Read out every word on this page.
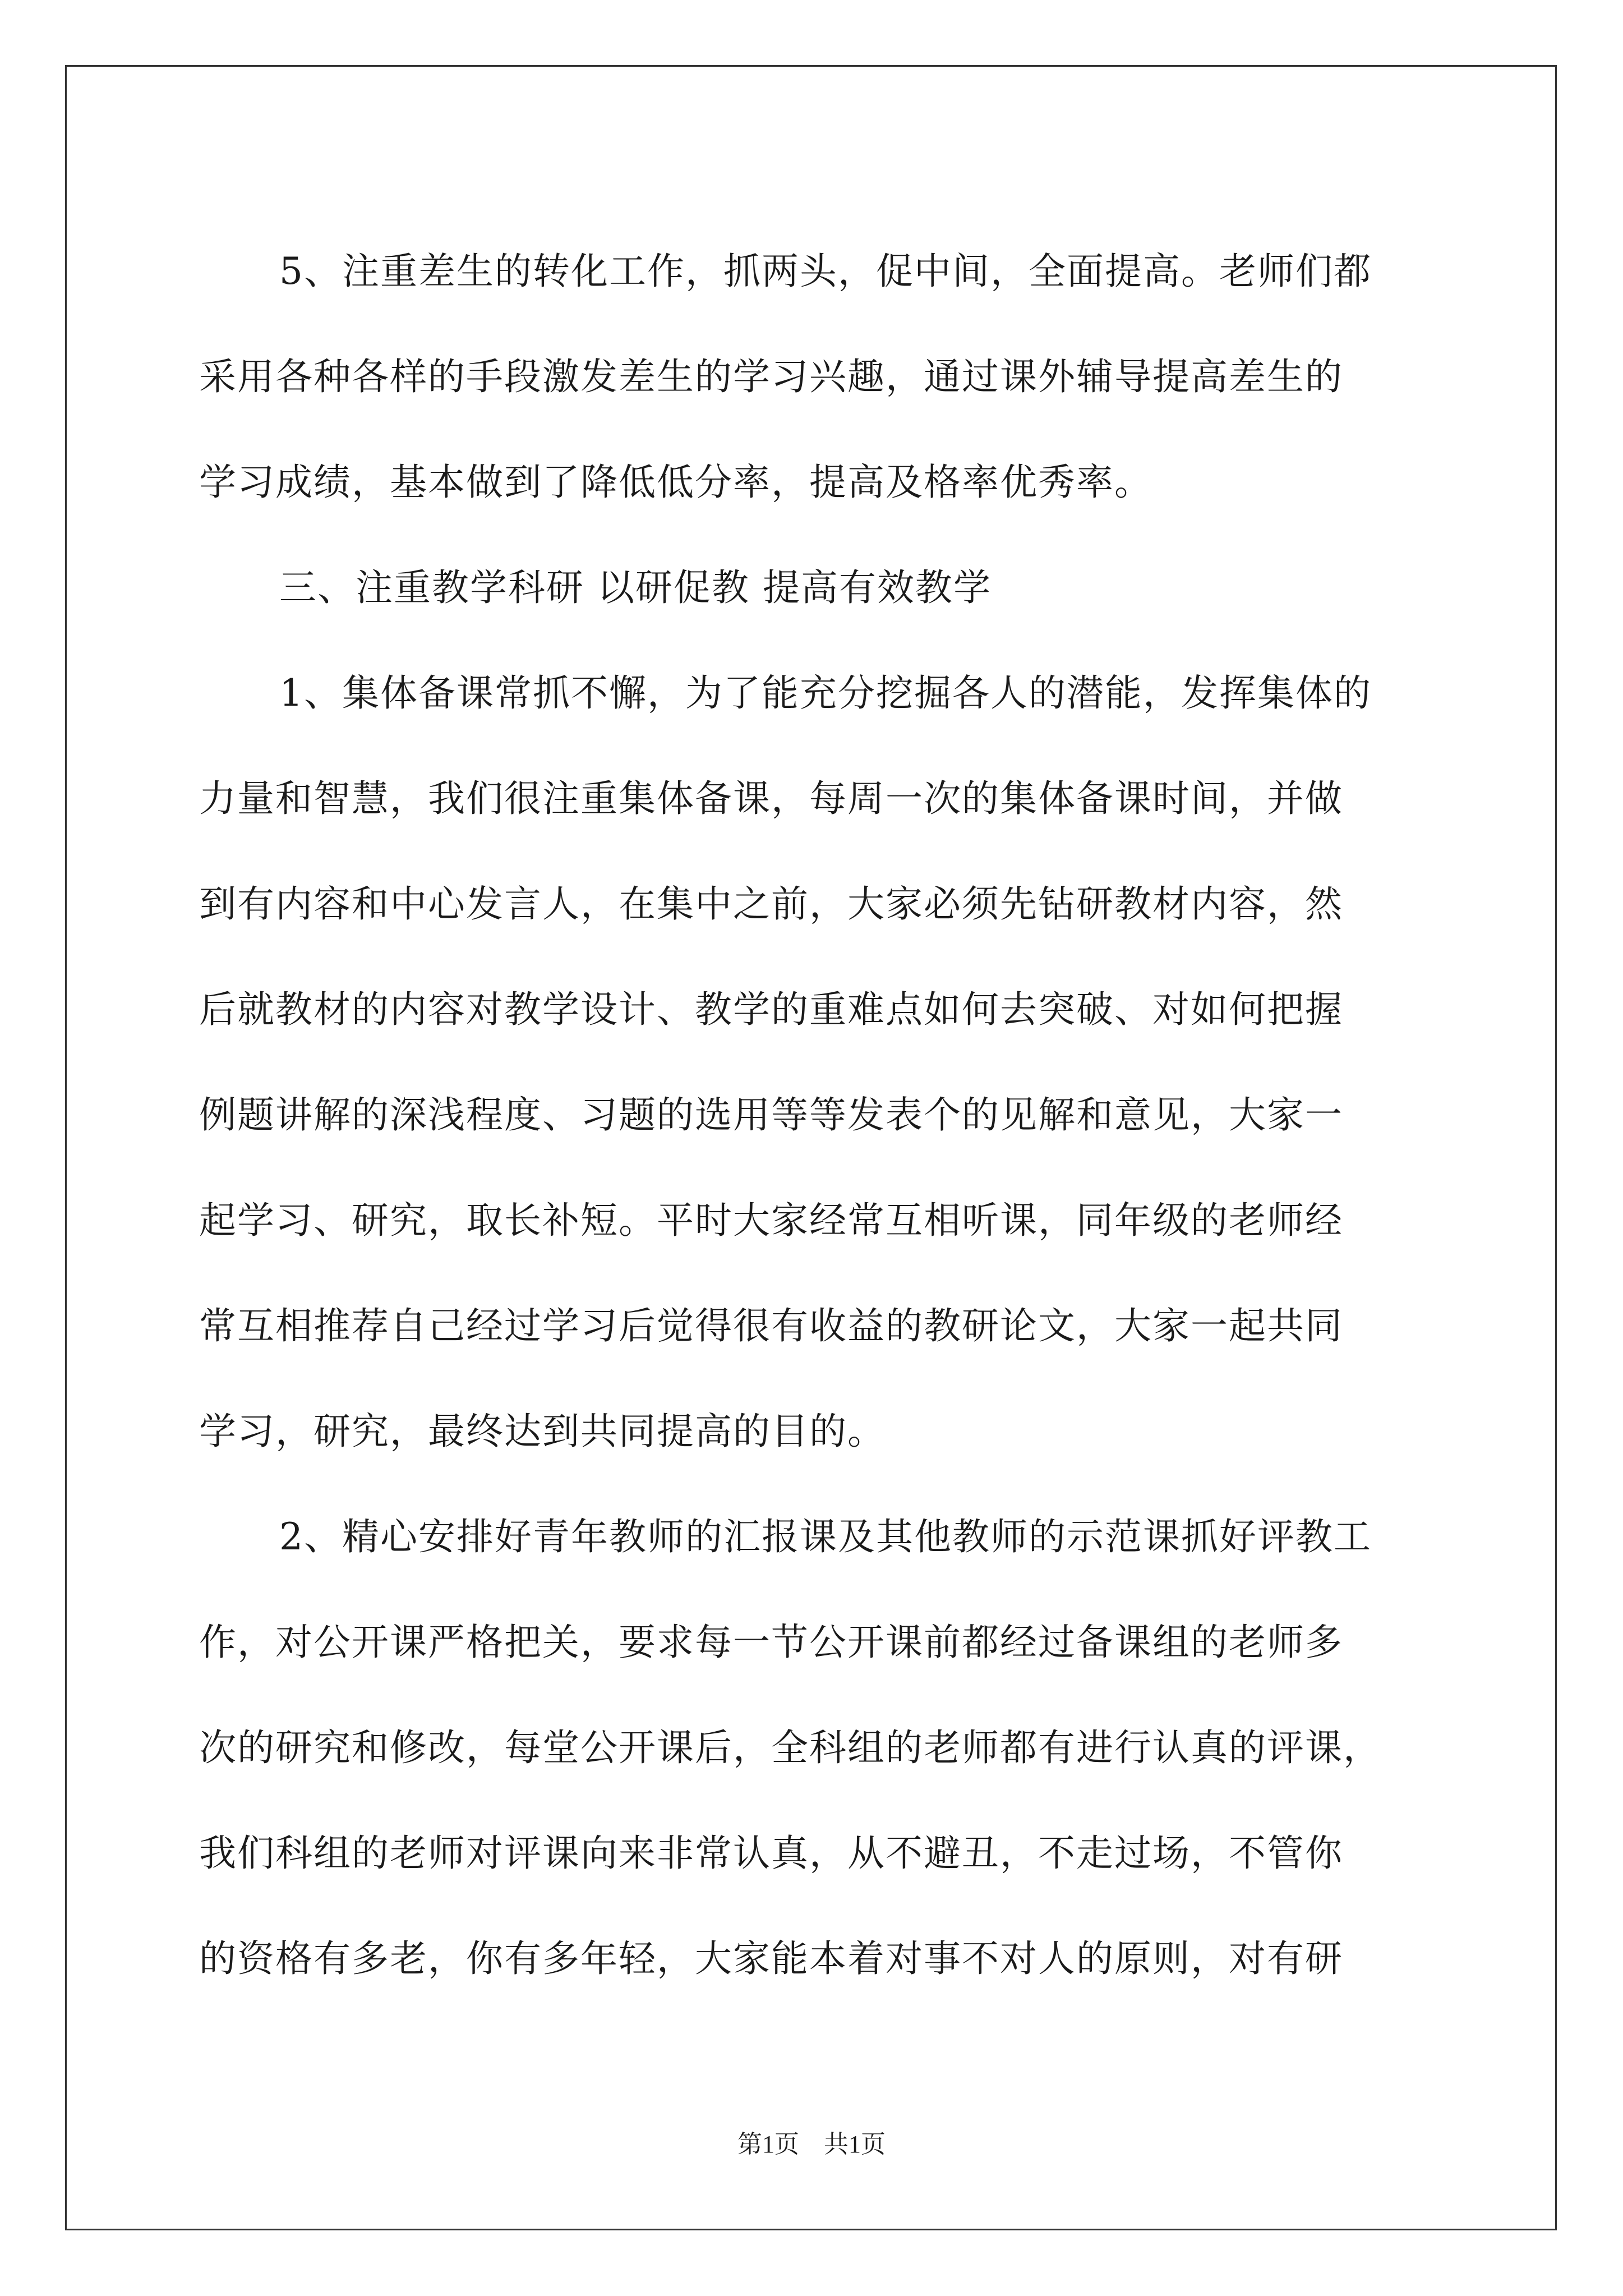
5、注重差生的转化工作，抓两头，促中间，全面提高。老师们都
采用各种各样的手段激发差生的学习兴趣，通过课外辅导提高差生的
学习成绩，基本做到了降低低分率，提高及格率优秀率。
三、注重教学科研 以研促教 提高有效教学
1、集体备课常抓不懈，为了能充分挖掘各人的潜能，发挥集体的
力量和智慧，我们很注重集体备课，每周一次的集体备课时间，并做
到有内容和中心发言人，在集中之前，大家必须先钻研教材内容，然
后就教材的内容对教学设计、教学的重难点如何去突破、对如何把握
例题讲解的深浅程度、习题的选用等等发表个的见解和意见，大家一
起学习、研究，取长补短。平时大家经常互相听课，同年级的老师经
常互相推荐自己经过学习后觉得很有收益的教研论文，大家一起共同
学习，研究，最终达到共同提高的目的。
2、精心安排好青年教师的汇报课及其他教师的示范课抓好评教工
作，对公开课严格把关，要求每一节公开课前都经过备课组的老师多
次的研究和修改，每堂公开课后，全科组的老师都有进行认真的评课，
我们科组的老师对评课向来非常认真，从不避丑，不走过场，不管你
的资格有多老，你有多年轻，大家能本着对事不对人的原则，对有研
第1页　共1页
